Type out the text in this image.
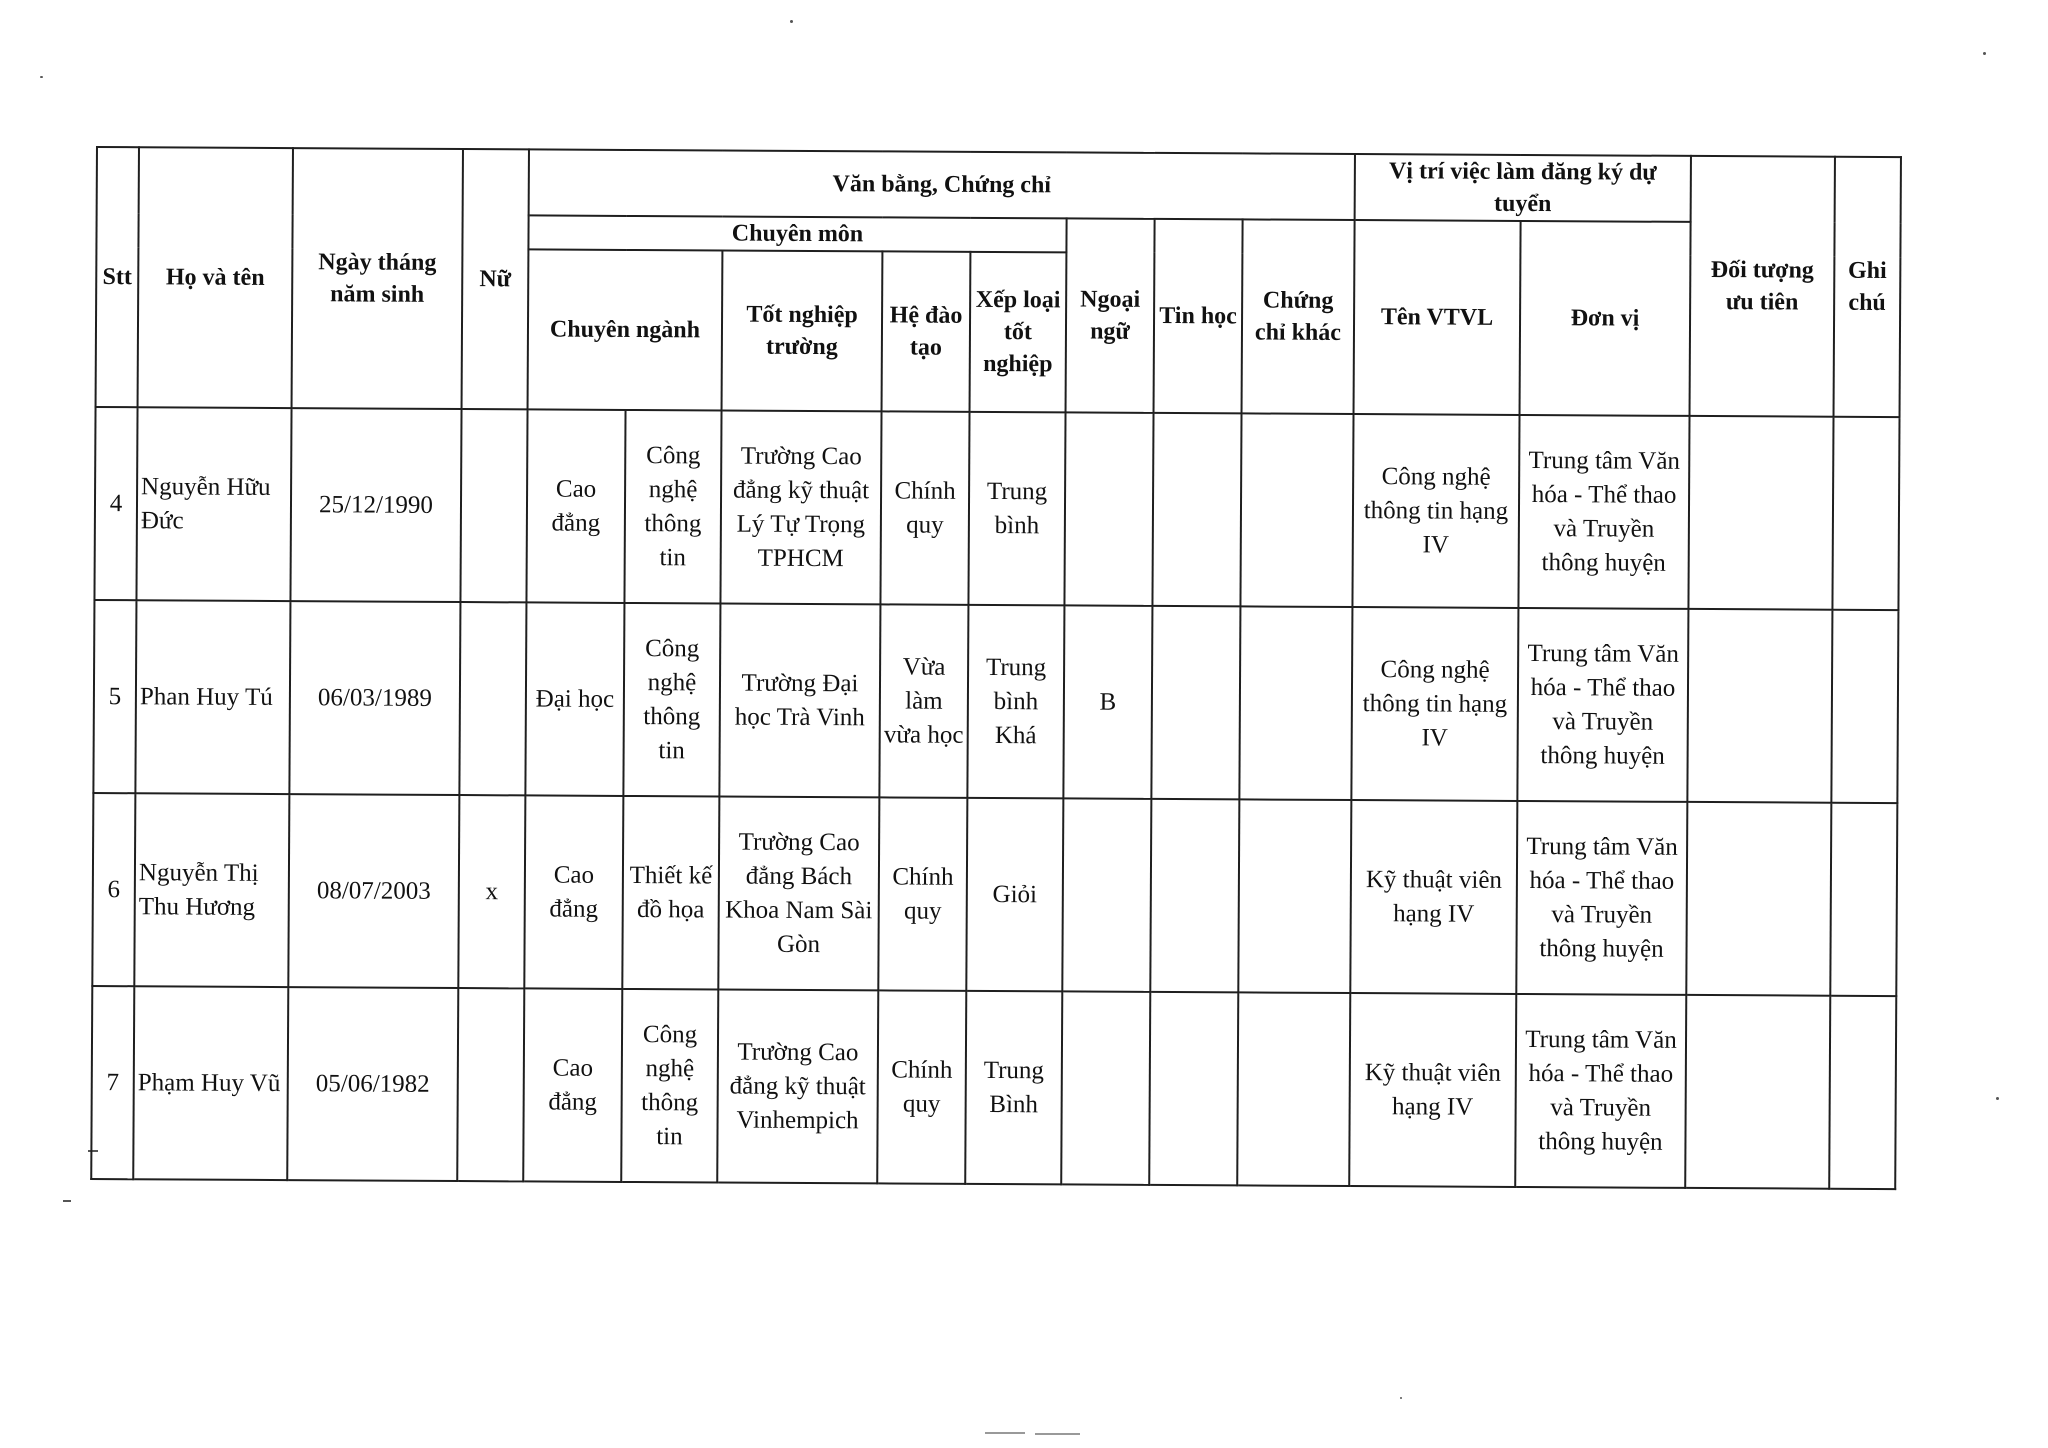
Stt	Họ và tên	Ngày tháng năm sinh	Nữ	Văn bằng, Chứng chỉ								Vị trí việc làm đăng ký dự tuyển		Đối tượng ưu tiên	Ghi chú
				Chuyên môn					Ngoại ngữ	Tin học	Chứng chỉ khác	Tên VTVL	Đơn vị		
				Chuyên ngành		Tốt nghiệp trường	Hệ đào tạo	Xếp loại tốt nghiệp							
4	Nguyễn Hữu Đức	25/12/1990		Cao đẳng	Công nghệ thông tin	Trường Cao đẳng kỹ thuật Lý Tự Trọng TPHCM	Chính quy	Trung bình				Công nghệ thông tin hạng IV	Trung tâm Văn hóa - Thể thao và Truyền thông huyện		
5	Phan Huy Tú	06/03/1989		Đại học	Công nghệ thông tin	Trường Đại học Trà Vinh	Vừa làm vừa học	Trung bình Khá	B			Công nghệ thông tin hạng IV	Trung tâm Văn hóa - Thể thao và Truyền thông huyện		
6	Nguyễn Thị Thu Hương	08/07/2003	x	Cao đẳng	Thiết kế đồ họa	Trường Cao đẳng Bách Khoa Nam Sài Gòn	Chính quy	Giỏi				Kỹ thuật viên hạng IV	Trung tâm Văn hóa - Thể thao và Truyền thông huyện		
7	Phạm Huy Vũ	05/06/1982		Cao đẳng	Công nghệ thông tin	Trường Cao đẳng kỹ thuật Vinhempich	Chính quy	Trung Bình				Kỹ thuật viên hạng IV	Trung tâm Văn hóa - Thể thao và Truyền thông huyện		
